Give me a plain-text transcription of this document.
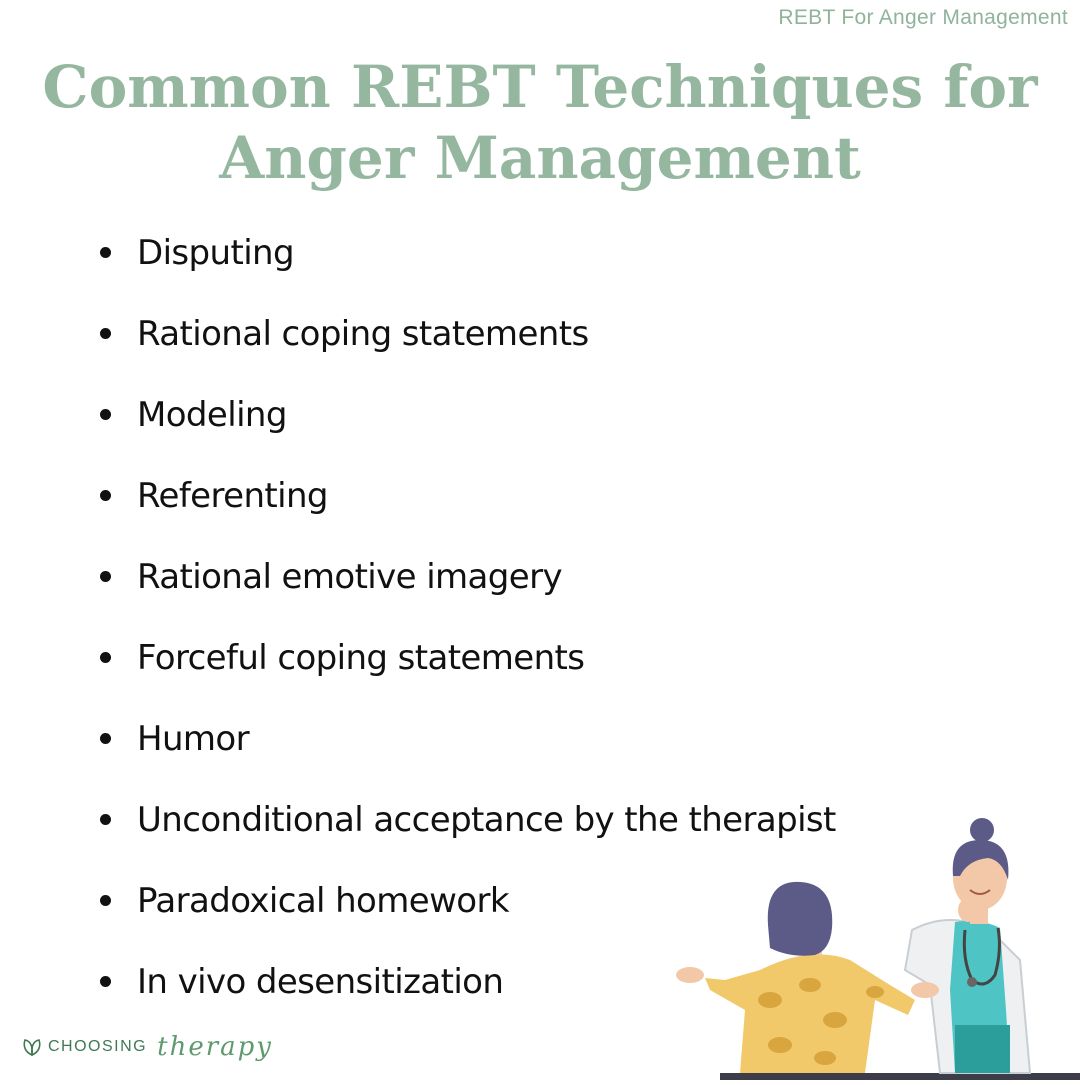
REBT For Anger Management
Common REBT Techniques for
Anger Management
Disputing
Rational coping statements
Modeling
Referenting
Rational emotive imagery
Forceful coping statements
Humor
Unconditional acceptance by the therapist
Paradoxical homework
In vivo desensitization
CHOOSING therapy
